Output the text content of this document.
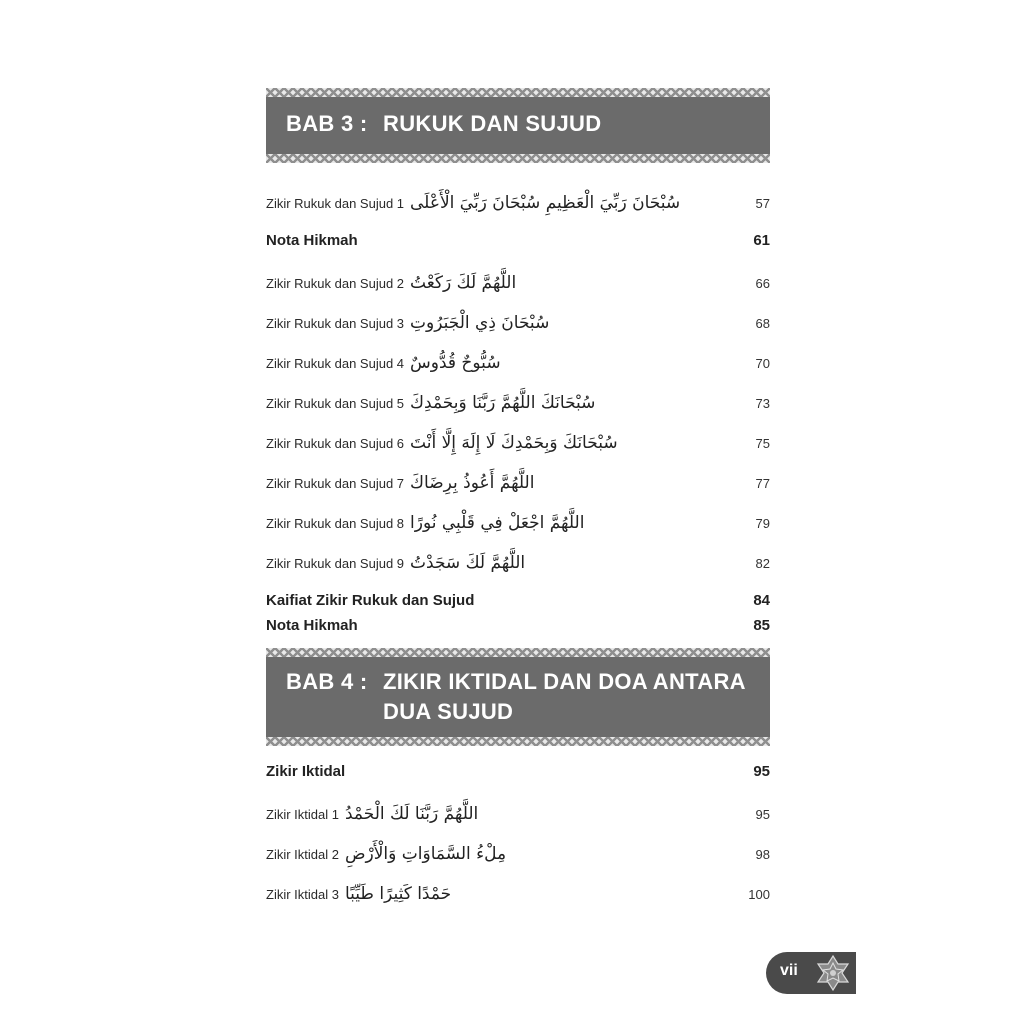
BAB 3 : RUKUK DAN SUJUD
Zikir Rukuk dan Sujud 1 سُبْحَانَ رَبِّيَ الْعَظِيمِ سُبْحَانَ رَبِّيَ الْأَعْلَى	57
Nota Hikmah	61
Zikir Rukuk dan Sujud 2 اللَّهُمَّ لَكَ رَكَعْتُ	66
Zikir Rukuk dan Sujud 3 سُبْحَانَ ذِي الْجَبَرُوتِ	68
Zikir Rukuk dan Sujud 4 سُبُّوحٌ قُدُّوسٌ	70
Zikir Rukuk dan Sujud 5 سُبْحَانَكَ اللَّهُمَّ رَبَّنَا وَبِحَمْدِكَ	73
Zikir Rukuk dan Sujud 6 سُبْحَانَكَ وَبِحَمْدِكَ لَا إِلَهَ إِلَّا أَنْتَ	75
Zikir Rukuk dan Sujud 7 اللَّهُمَّ أَعُوذُ بِرِضَاكَ	77
Zikir Rukuk dan Sujud 8 اللَّهُمَّ اجْعَلْ فِي قَلْبِي نُورًا	79
Zikir Rukuk dan Sujud 9 اللَّهُمَّ لَكَ سَجَدْتُ	82
Kaifiat Zikir Rukuk dan Sujud	84
Nota Hikmah	85
BAB 4 : ZIKIR IKTIDAL DAN DOA ANTARA
DUA SUJUD
Zikir Iktidal	95
Zikir Iktidal 1 اللَّهُمَّ رَبَّنَا لَكَ الْحَمْدُ	95
Zikir Iktidal 2 مِلْءُ السَّمَاوَاتِ وَالْأَرْضِ	98
Zikir Iktidal 3 حَمْدًا كَثِيرًا طَيِّبًا	100
vii
